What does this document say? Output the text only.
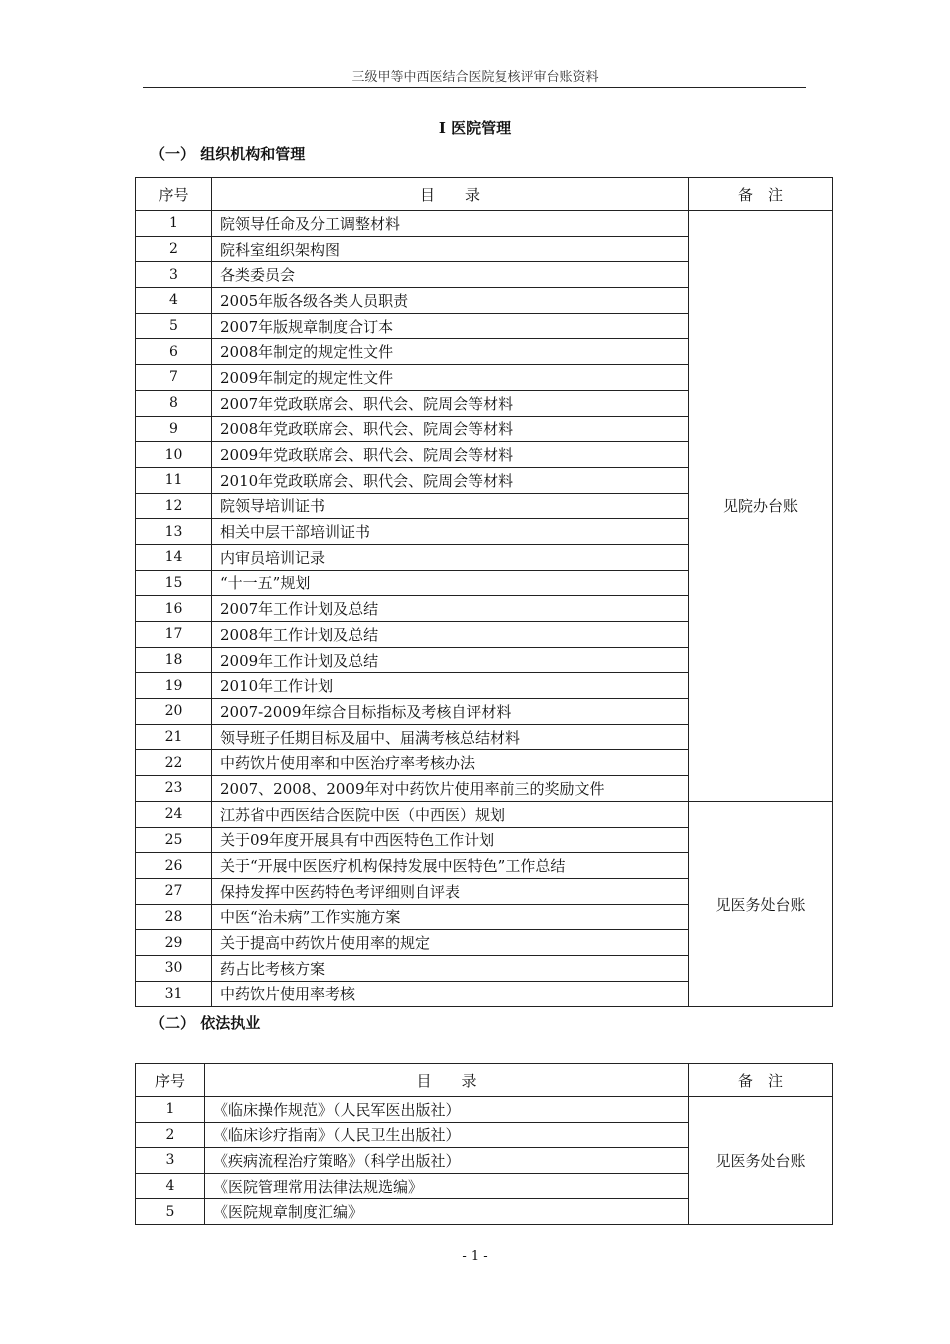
三级甲等中西医结合医院复核评审台账资料
I 医院管理
（一） 组织机构和管理
序号	目　　录	备　注
1	院领导任命及分工调整材料	见院办台账
2	院科室组织架构图	
3	各类委员会	
4	2005年版各级各类人员职责	
5	2007年版规章制度合订本	
6	2008年制定的规定性文件	
7	2009年制定的规定性文件	
8	2007年党政联席会、职代会、院周会等材料	
9	2008年党政联席会、职代会、院周会等材料	
10	2009年党政联席会、职代会、院周会等材料	
11	2010年党政联席会、职代会、院周会等材料	
12	院领导培训证书	
13	相关中层干部培训证书	
14	内审员培训记录	
15	“十一五”规划	
16	2007年工作计划及总结	
17	2008年工作计划及总结	
18	2009年工作计划及总结	
19	2010年工作计划	
20	2007-2009年综合目标指标及考核自评材料	
21	领导班子任期目标及届中、届满考核总结材料	
22	中药饮片使用率和中医治疗率考核办法	
23	2007、2008、2009年对中药饮片使用率前三的奖励文件	
24	江苏省中西医结合医院中医（中西医）规划	见医务处台账
25	关于09年度开展具有中西医特色工作计划	
26	关于“开展中医医疗机构保持发展中医特色”工作总结	
27	保持发挥中医药特色考评细则自评表	
28	中医“治未病”工作实施方案	
29	关于提高中药饮片使用率的规定	
30	药占比考核方案	
31	中药饮片使用率考核	
（二） 依法执业
序号	目　　录	备　注
1	《临床操作规范》（人民军医出版社）	见医务处台账
2	《临床诊疗指南》（人民卫生出版社）	
3	《疾病流程治疗策略》（科学出版社）	
4	《医院管理常用法律法规选编》	
5	《医院规章制度汇编》	
- 1 -
